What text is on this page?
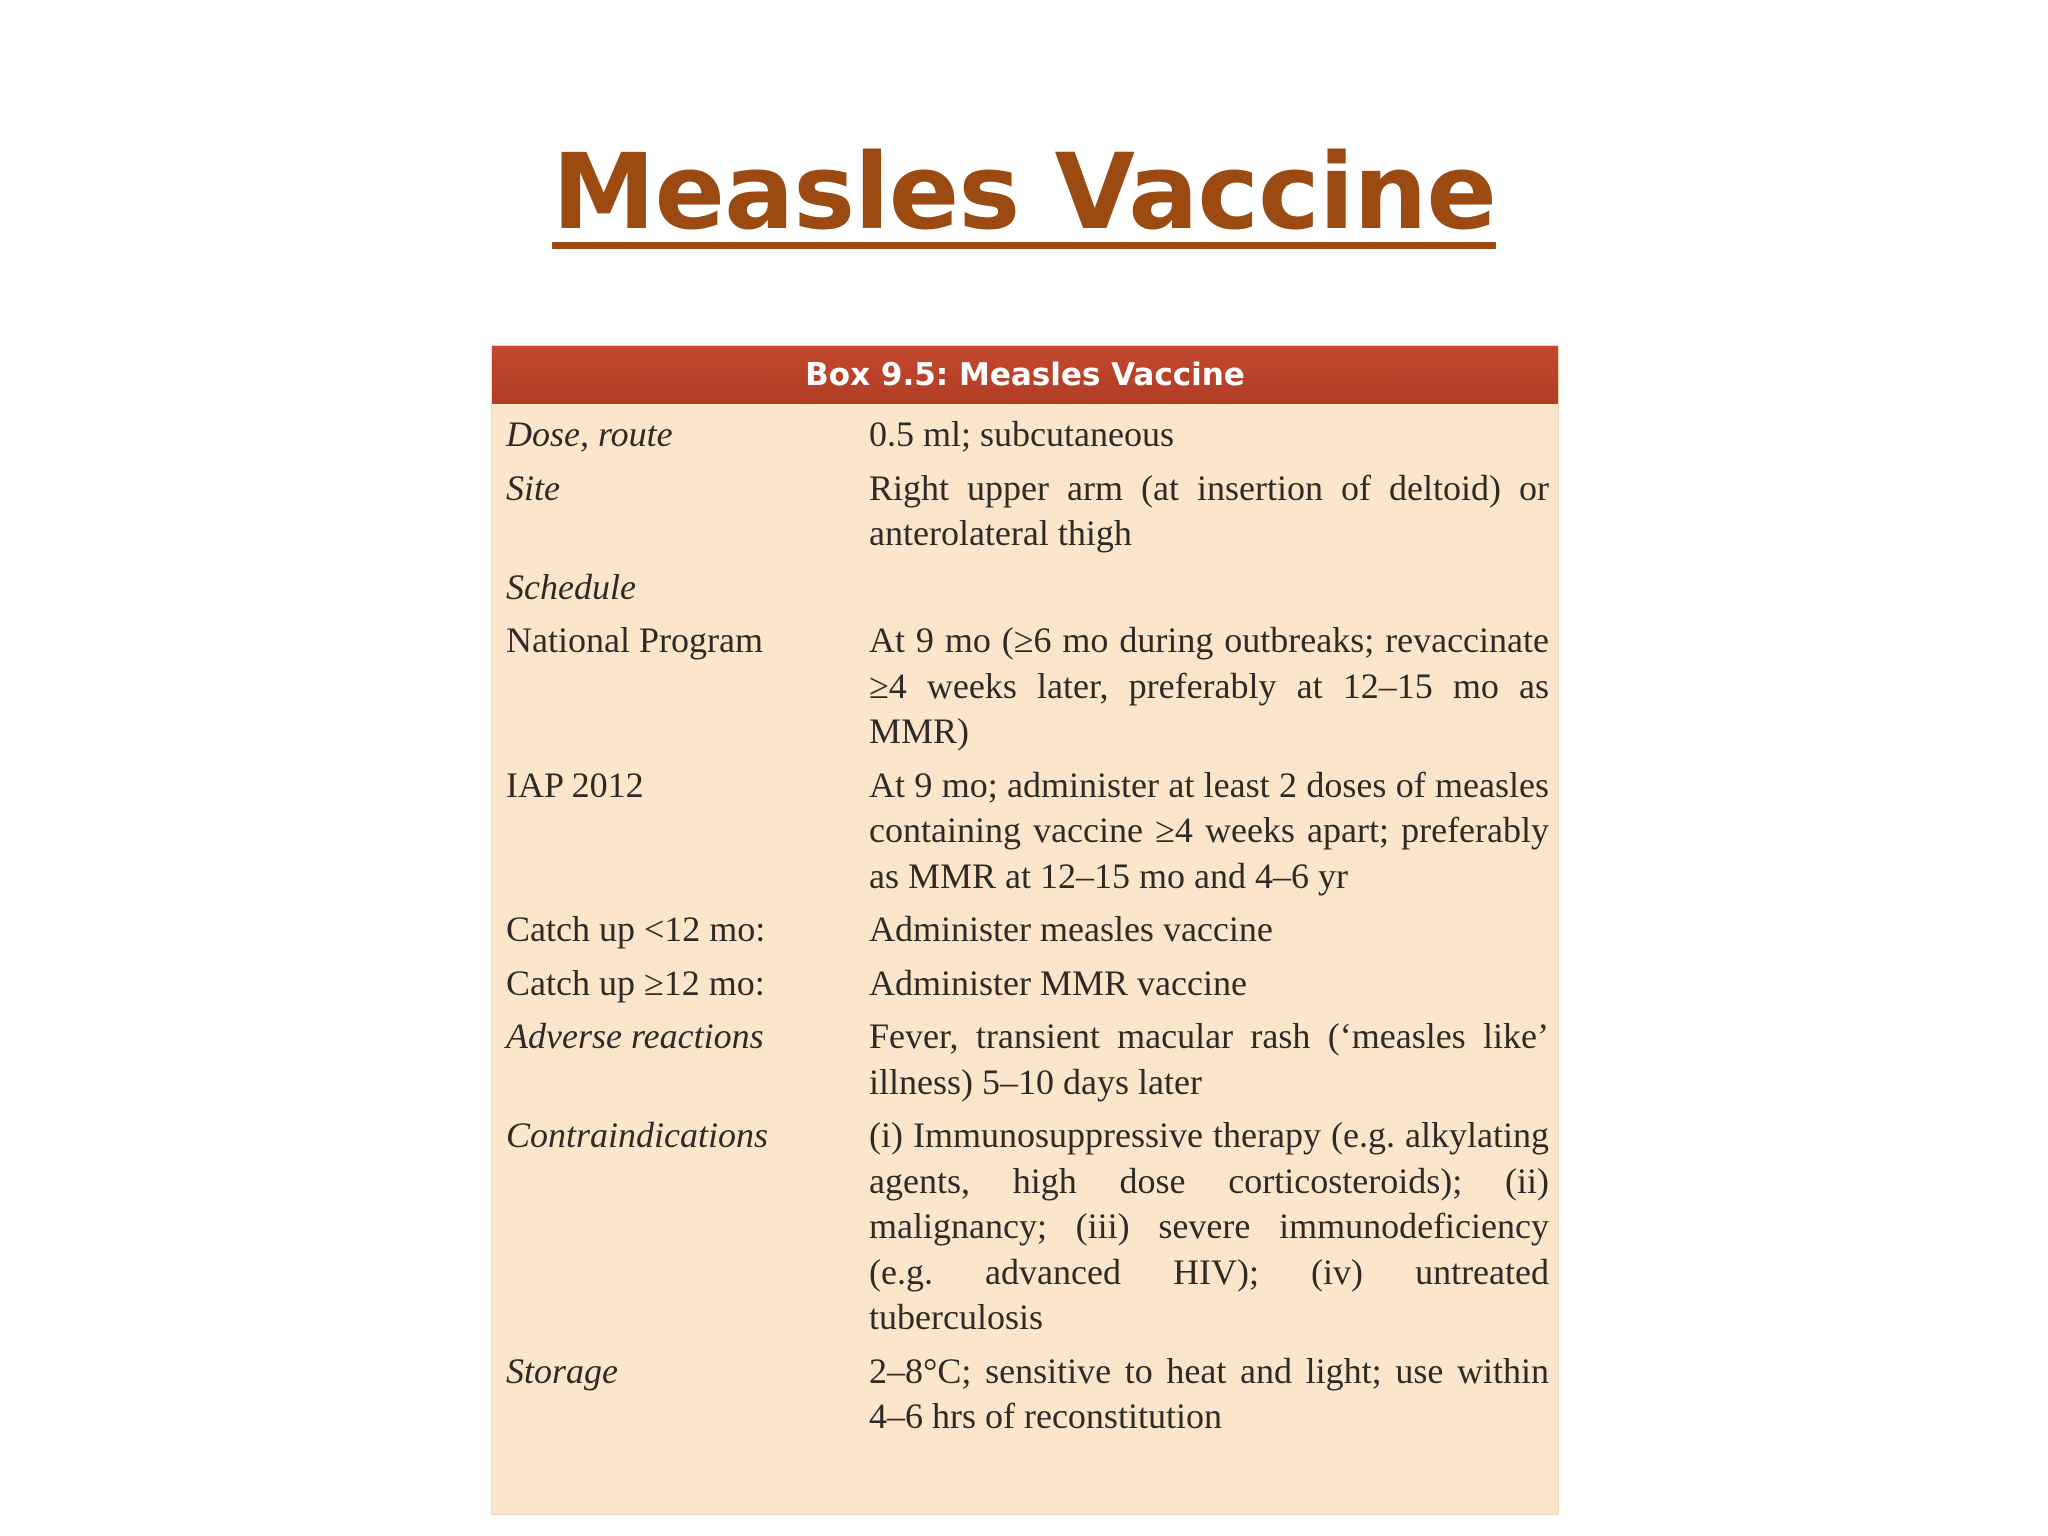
Measles Vaccine
Box 9.5: Measles Vaccine
Dose, route	0.5 ml; subcutaneous
Site	Right upper arm (at insertion of deltoid) or anterolateral thigh
Schedule
National Program	At 9 mo (≥6 mo during outbreaks; revaccinate ≥4 weeks later, preferably at 12–15 mo as MMR)
IAP 2012	At 9 mo; administer at least 2 doses of measles containing vaccine ≥4 weeks apart; preferably as MMR at 12–15 mo and 4–6 yr
Catch up <12 mo:	Administer measles vaccine
Catch up ≥12 mo:	Administer MMR vaccine
Adverse reactions	Fever, transient macular rash (‘measles like’ illness) 5–10 days later
Contraindications	(i) Immunosuppressive therapy (e.g. alkylating agents, high dose corticosteroids); (ii) malignancy; (iii) severe immunodeficiency (e.g. advanced HIV); (iv) untreated tuberculosis
Storage	2–8°C; sensitive to heat and light; use within 4–6 hrs of reconstitution
